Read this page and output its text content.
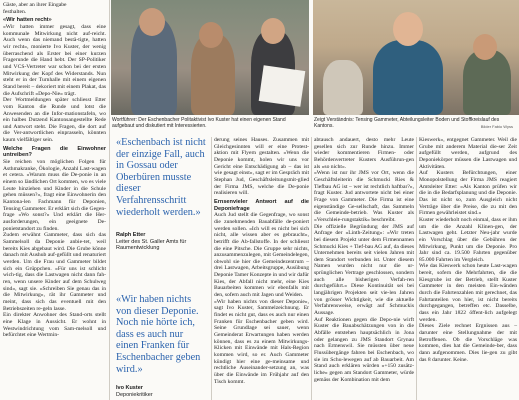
Gäste, aber an ihrer Eingabe

festhalten.

«Wir hatten recht»

«Wir hatten immer gesagt, dass eine kommunale Mitwirkung nicht auf-reicht. Auch wenn das niemand bestä-tigte, hatten wir recht», monierte Ivo Kuster, der wenig überraschend als Erster bei einer kurzen Fragerunde die Hand hebt. Der SP-Politiker und VCS-Vertreter war schon bei der ersten Mitwirkung der Kopf des Widerstands. Nun steht er in der Turnhalle mit einem eigenen Stand bereit – dekoriert mit einem Plakat, das die Aufschrift «Depo-Nie» trägt.

Der Wortmeldungen später schliesst Etter vom Kanton die Runde und lotst die Anwesenden an die Infor-mationstafeln, wo ein halbes Dutzend Kantonsangestellte Rede und Antwort steht. Die Fragen, die dort auf die Ver-antwortlichen einprasseln, könnten kaum vielfältiger sein.

Welche Fragen die Einwohner untreiben?

Sie reichen von möglichen Folgen für Asthmakranke, Ökologie, Anzahl Last-wagen et cetera. «Warum muss die De-ponie in an einem so ländlichen Ort kommen, wo es viele Leute hinziehen und Kinder in die Schule gehen müssen?», fragt eine Einwohnerin den Kantona-len Fachmann für Deponien, Tensing Gammeter. Er erklärt sich die Gegen-frage «Wo sonst?» Und erklärt die Her-ausforderungen, ein geeignete De-ponietstandort zu finden.

Zudem erwähnt Gammeter, dass sich das Sammelsoll da Deponie anbie-tet, weil bereits Kies abgebaut wird. Die Grube könne danach mit Aushub auf-gefüllt und renaturiert werden. Um die Frau und Gammeter bildet sich ein Grüppchen. «Für uns ist schlicht wich-tig, dass die Lastwagen nicht dann fah-ren, wenn unsere Kinder auf dem Schulweg sind», sagt sie. «Schreiben Sie genau das in die Mitwirkung», rät ihr Gammeter und meint, dass sich das eventuell mit den Betriebszeiten re-geln lasse.

Ein direkter Anwohner des Stand-orts stellt eine Klage in Aussicht. Er wohnt in Westwindrichtung vom Sam-melsoll und befürchtet eine Wertmin-

Wortführer: Der Eschenbacher Politaktivist Ivo Kuster hat einen eigenen Stand aufgebaut und diskutiert mit Interessierten.
Zeigt Verständnis: Tensing Gammeter, Abteilungsleiter Boden und Stoffkreislauf des Kantons.	Bilder Fabio Wyss
«Eschenbach ist nicht der einzige Fall, auch in Gossau oder Oberbüren musste dieser Verfahrensschritt wiederholt werden.»
Ralph Etter
Leiter des St. Galler Amts für Raumentwicklung
«Wir haben nichts von dieser Deponie. Noch nie hörte ich, dass es auch nur einen Franken für Eschenbacher geben wird.»
Ivo Kuster
Deponiekritiker

derung seines Hauses. Zusammen mit Gleichgesinnten will er eine Protest-aktion mit Flyern gestalten. «Wenn die Deponie kommt, holen wir uns vor Gericht eine Entschädigung ab – das ist wie gesagt einst», sagt er im Gespräch mit Stephan Jud, Geschäftsleitungsmit-glied der Firma JMS, welche die De-ponie realisieren will.

Ernsenvieler Antwort auf die Deponiefrage

Auch Jud stellt die Gegenfrage, wo sonst die zunehmenden Bauabfälle de-poniert werden sollen. «Ich will es nicht bei sich nicht, alle wissen aber es gebraucht», betrifft die Ab-fallstoffe. In der schliesst die eine Pitsche. Die Gruppe sehr nichts, anzusammenzulegen, mit Gemeindelegen, obwohl sie hier die Gemeindezentrum – drei Lastwagen, Arbeitsgruppe, Ausübung Deponie Tamer Konzepte in und wir dafür Kies, der Abfall nicht mehr, eine Kies Bauarbeiten kommen wir ebenfalls mit den, sofern auch mit Jagen und Weiden.

«Wir haben nichts von dieser Deponie», sagt Ivo Kuster, Sammelzeichnung. Er findet es nicht gut, dass es auch nur einen Franken für Eschenbacher geben wird. Seine Grundlage sei sauer, wenn Gemeinderat Erwartungen haben werden können, dass es zu einem Mitwirkungs-Klicken mit Einwände mit Hals-Region kommen wird, so er. Auch Gammeter kündigt hier eine ge-meinsame und rechtliche Auseinander-setzung an, was über die Einwände im Frühjahr auf den Tisch kommt.

abtausch andauert, desto mehr Leute gesellen sich zur Runde hinzu. Immer wieder kommentieren Firmen- oder Behördenvertreter Kusters Ausführun-gen als «so nicht».

«Wenn ist nur ihr JMS vor Ort, wenn die Geschäftsleiterin die Schmucki Ries & Tiefbau AG ist – wer ist rechtlich haftbar?», fragt Kuster. Jud antwortete nicht bei einer Frage von Gammeter. Die Firma ist eine eigenständige Ge-sellschaft, das Sammeln die Gemeinde-betrieb. Was Kuster als «Verschleie-rungstaktik» beschreibt.

Die offizielle Begründung der JMS auf Anfrage der «Linth-Zeitung»: «Wir treten bei diesem Projekt unter dem Firmennamen Schmucki Kies + Tief-bau AG auf, da dieses Unternehmen bereits seit vielen Jahren mit dem Standort verbunden ist. Unter diesem Namen wurden nicht nur die ur-sprünglichen Vertrage geschlossen, sondern auch alle bisherigen Verfah-ren durchgeführt.» Diese Kontinuität sei bei langjährigen Projekten seit vie-len Jahren von grösser Wichtigkeit, wie die aktuelle Verfahrensweise, erwägt auf Schmuckis Aussage.

Auf Reaktionen gegen die Depo-nie wirft Kuster die Bauabschätzungen von in die Abfälle entstehen hauptsächlich in Jona oder gelangen zu JMS Standort Grynau nach Ermenswil. Sie müssten über neue Flussübergänge fahren bei Eschenbach, wo sie im Schu-lewegen auf ab Bauarbeit. Am Stand auch erklären würden «+150 zusätz-liche» gegen am Standort Gammeter, würde gemäss der Kombination mit dem

Kieswerk», entgegnet Gammeter. Weil die Grube mit anderem Material die-ser Zeit aufgefüllt werden, aufgrund des Deponiekörper müssen die Lastwagen und Aktivitäten.

Auf Kusters Befürchtungen, einer Monopolstellung der Firma JMS reagiert Amtsleiter Etter: «Als Kanton prüfen wir die in die Bedarfsplanung und die Deponie. Das ist nicht so, zum Ausgleich nicht Verträge über die Preise, die zu mit den Firmen gewährleistet sind.»

Kuster wiederholt noch einmal, dass er ihm um die die Anzahl Klinen-gen, der Lastwagen geht. Letzter Neu-jahr wurde ein Vorschlag über die Gebühren der Mitwirkung, Punkt um die Deponie. Pro Jahr sind ca. 19.500 Fahrten gegenüber 85.000 Fahrten im Vergleich.

Wie das Kieswerk schon heute Last-wagen bereit, sofern die Mehrfahrten, die die Kiesgrube ist der Betrieb, stellt Kuster Gammeter in den meisten Ein-wänden durch die Fahrtenzahlen mit gerechnet, das Fahrtanteilen von hier, ist nicht bereits durchgegangen, betreffen etc. Dasselbe, dass ein Jahr 1822 öffent-lich aufgelegt werden.

Dieses Ziele rechnet Ergnissen aus – darunter eine Stellungnahme der mit Betroffenen. Ob die Vorschläge was kommen, dies hat die Gemeinde-ber, dass dann aufgenommen. Dies lie-gen zu gibt das 8 darunter. Keine.
